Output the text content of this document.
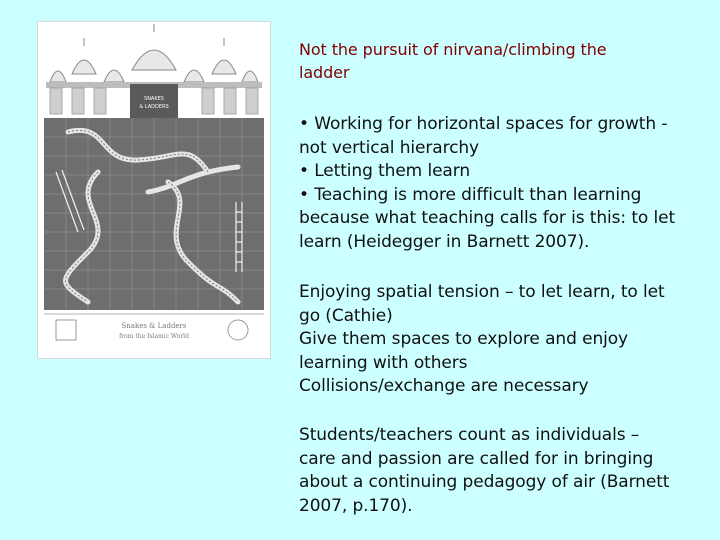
SNAKES
& LADDERS
Snakes & Ladders
from the Islamic World
Not the pursuit of nirvana/climbing the
ladder
• Working for horizontal spaces for growth -
not vertical hierarchy
• Letting them learn
• Teaching is more difficult than learning
because what teaching calls for is this: to let
learn (Heidegger in Barnett 2007).
Enjoying spatial tension – to let learn, to let
go (Cathie)
Give them spaces to explore and enjoy
learning with others
Collisions/exchange are necessary
Students/teachers count as individuals –
care and passion are called for in bringing
about a continuing pedagogy of air (Barnett
2007, p.170).
